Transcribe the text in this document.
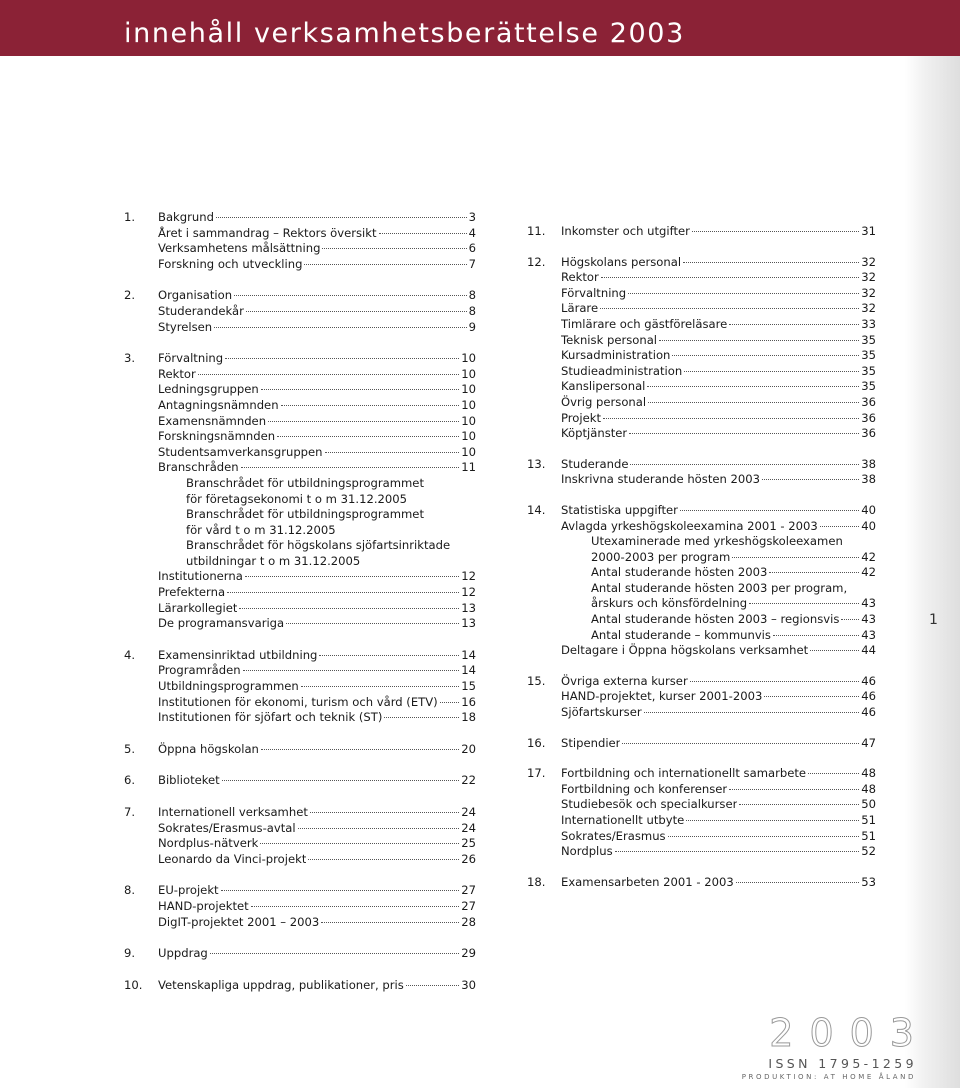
innehåll verksamhetsberättelse 2003
1.	Bakgrund	3
Året i sammandrag – Rektors översikt	4
Verksamhetens målsättning	6
Forskning och utveckling	7
2.	Organisation	8
Studerandekår	8
Styrelsen	9
3.	Förvaltning	10
Rektor	10
Ledningsgruppen	10
Antagningsnämnden	10
Examensnämnden	10
Forskningsnämnden	10
Studentsamverkansgruppen	10
Branschråden	11
Branschrådet för utbildningsprogrammet
för företagsekonomi t o m 31.12.2005
Branschrådet för utbildningsprogrammet
för vård t o m 31.12.2005
Branschrådet för högskolans sjöfartsinriktade
utbildningar t o m 31.12.2005
Institutionerna	12
Prefekterna	12
Lärarkollegiet	13
De programansvariga	13
4.	Examensinriktad utbildning	14
Programråden	14
Utbildningsprogrammen	15
Institutionen för ekonomi, turism och vård (ETV) 16
Institutionen för sjöfart och teknik (ST)	18
5.	Öppna högskolan	20
6.	Biblioteket	22
7.	Internationell verksamhet	24
Sokrates/Erasmus-avtal	24
Nordplus-nätverk	25
Leonardo da Vinci-projekt	26
8.	EU-projekt	27
HAND-projektet	27
DigIT-projektet 2001 – 2003	28
9.	Uppdrag	29
10.	Vetenskapliga uppdrag, publikationer, pris	30
11.	Inkomster och utgifter	31
12.	Högskolans personal	32
Rektor	32
Förvaltning	32
Lärare	32
Timlärare och gästföreläsare	33
Teknisk personal	35
Kursadministration	35
Studieadministration	35
Kanslipersonal	35
Övrig personal	36
Projekt	36
Köptjänster	36
13.	Studerande	38
Inskrivna studerande hösten 2003	38
14.	Statistiska uppgifter	40
Avlagda yrkeshögskoleexamina 2001 - 2003	40
Utexaminerade med yrkeshögskoleexamen
2000-2003 per program	42
Antal studerande hösten 2003	42
Antal studerande hösten 2003 per program,
årskurs och könsfördelning	43
Antal studerande hösten 2003 – regionsvis 43
Antal studerande – kommunvis	43
Deltagare i Öppna högskolans verksamhet	44
15.	Övriga externa kurser	46
HAND-projektet, kurser 2001-2003	46
Sjöfartskurser	46
16.	Stipendier	47
17.	Fortbildning och internationellt samarbete	48
Fortbildning och konferenser	48
Studiebesök och specialkurser	50
Internationellt utbyte	51
Sokrates/Erasmus	51
Nordplus	52
18.	Examensarbeten 2001 - 2003	53
1
2003
ISSN 1795-1259
PRODUKTION: AT HOME ÅLAND
